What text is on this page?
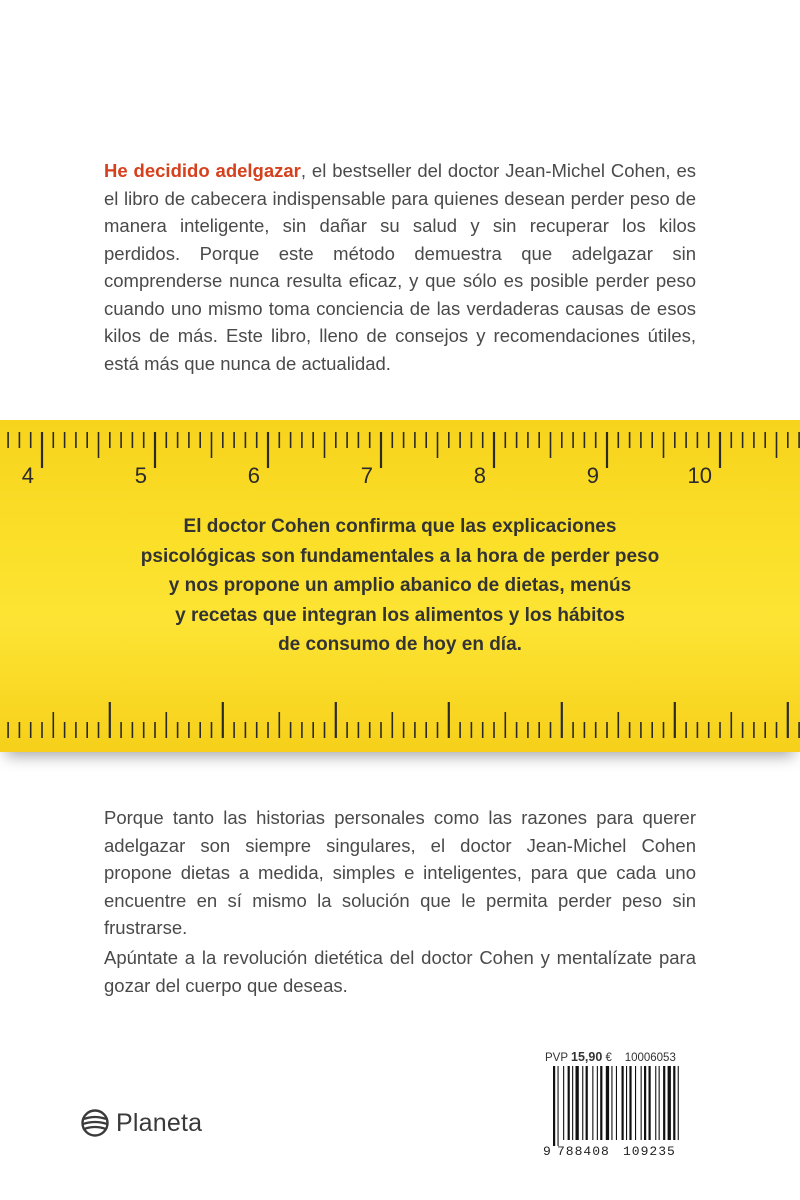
He decidido adelgazar, el bestseller del doctor Jean-Michel Cohen, es el libro de cabecera indispensable para quienes desean perder peso de manera inteligente, sin dañar su salud y sin recuperar los kilos perdidos. Porque este método demuestra que adelgazar sin comprenderse nunca resulta eficaz, y que sólo es posible perder peso cuando uno mismo toma conciencia de las verdaderas causas de esos kilos de más. Este libro, lleno de consejos y recomendaciones útiles, está más que nunca de actualidad.

4	5	6	7	8	9	10

El doctor Cohen confirma que las explicaciones
psicológicas son fundamentales a la hora de perder peso
y nos propone un amplio abanico de dietas, menús
y recetas que integran los alimentos y los hábitos
de consumo de hoy en día.

Porque tanto las historias personales como las razones para querer adelgazar son siempre singulares, el doctor Jean-Michel Cohen propone dietas a medida, simples e inteligentes, para que cada uno encuentre en sí mismo la solución que le permita perder peso sin frustrarse.

Apúntate a la revolución dietética del doctor Cohen y mentalízate para gozar del cuerpo que deseas.

PVP 15,90 € 10006053
9 788408 109235
Planeta
